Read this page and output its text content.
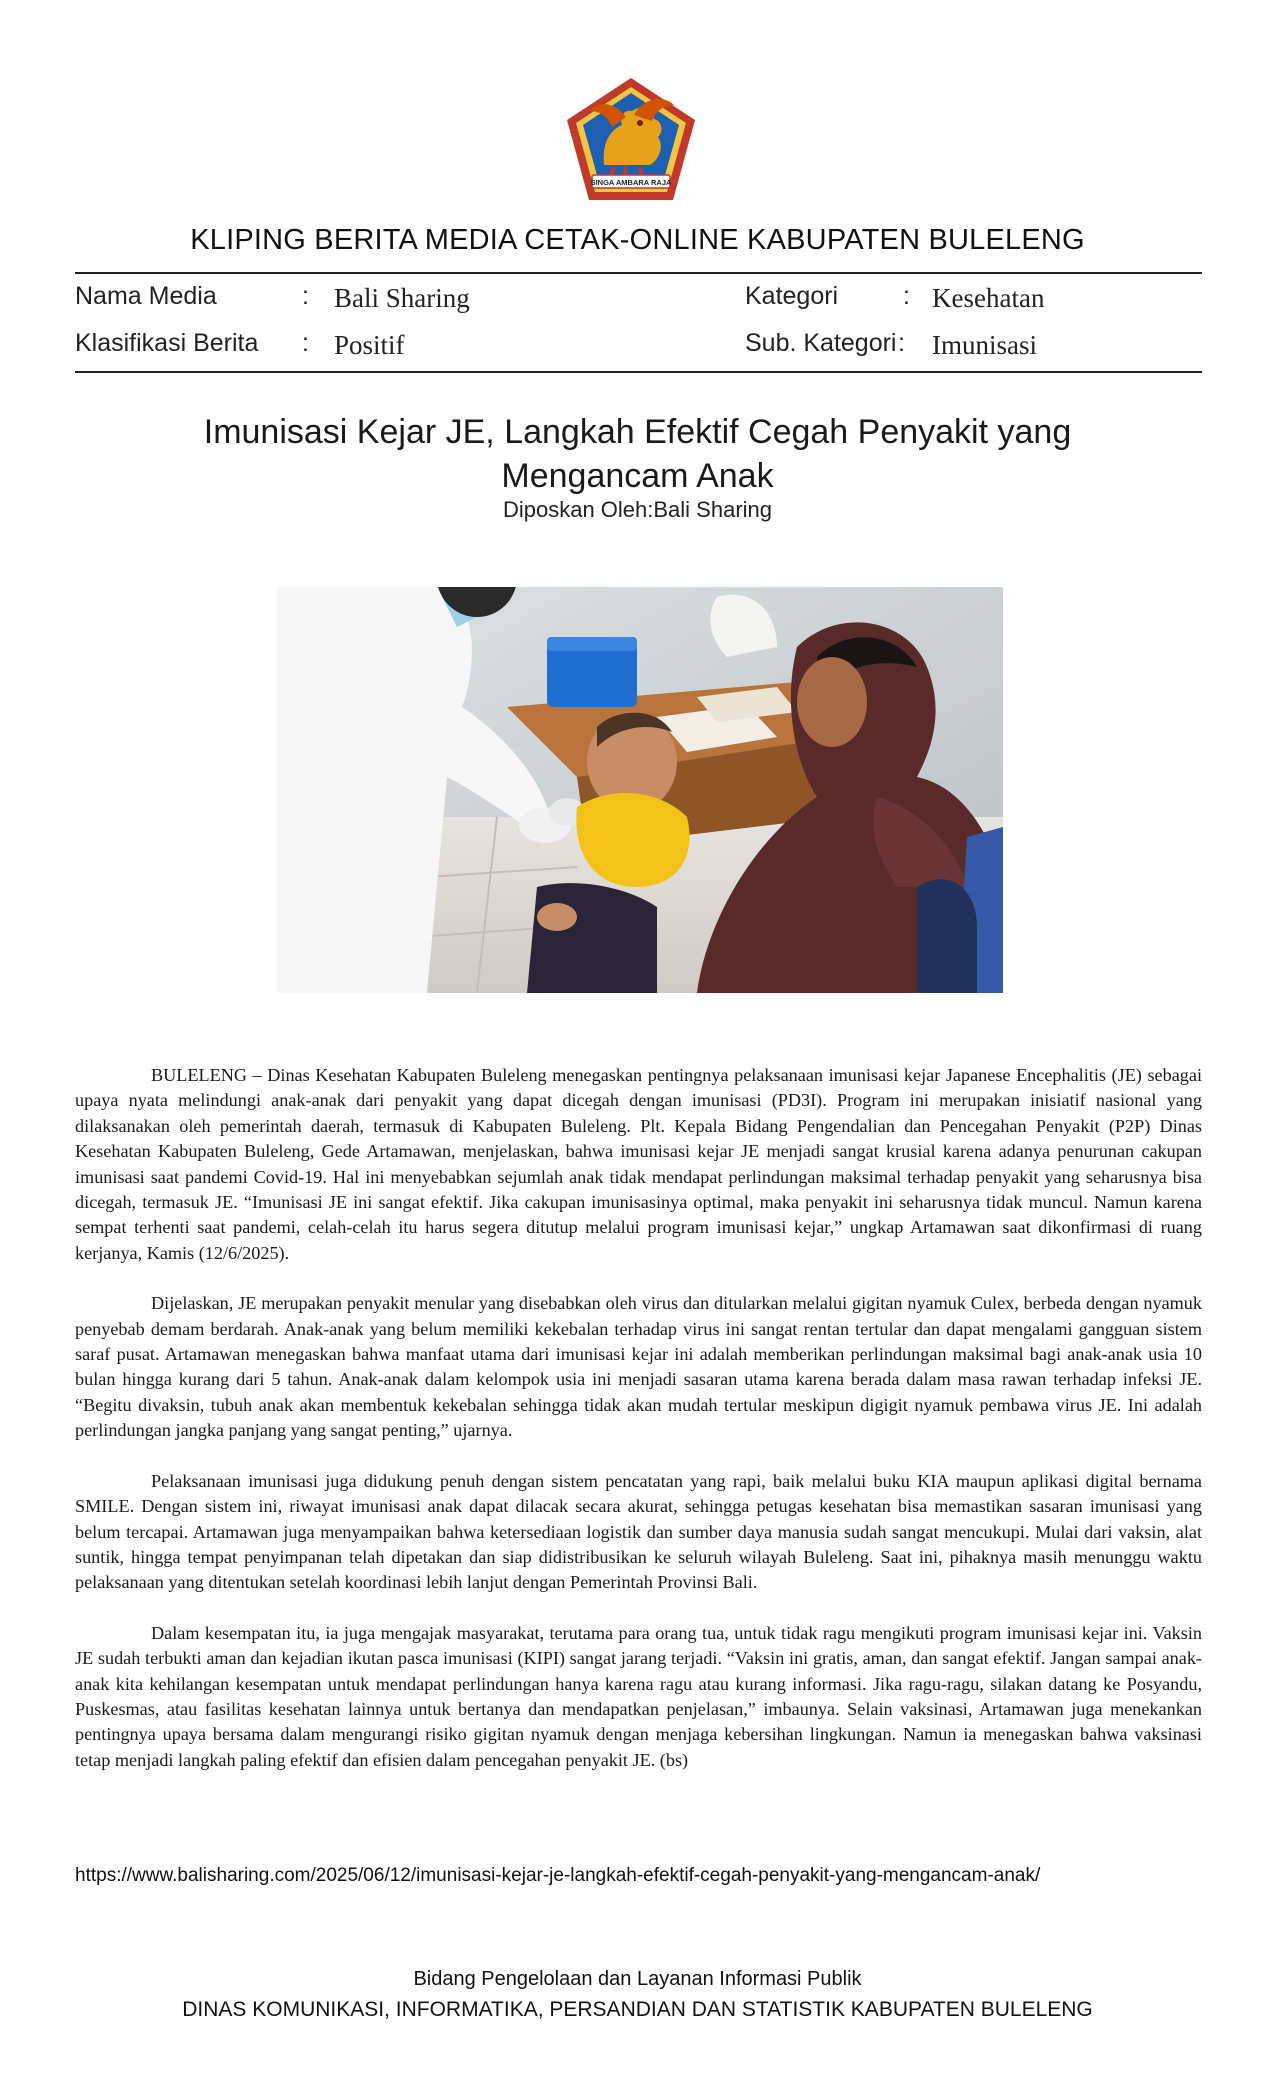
SINGA AMBARA RAJA
KLIPING BERITA MEDIA CETAK-ONLINE KABUPATEN BULELENG
Nama Media	: Bali Sharing
Klasifikasi Berita : Positif
Kategori	: Kesehatan
Sub. Kategori : Imunisasi
Imunisasi Kejar JE, Langkah Efektif Cegah Penyakit yang Mengancam Anak
Diposkan Oleh:Bali Sharing

BULELENG – Dinas Kesehatan Kabupaten Buleleng menegaskan pentingnya pelaksanaan imunisasi kejar Japanese Encephalitis (JE) sebagai upaya nyata melindungi anak-anak dari penyakit yang dapat dicegah dengan imunisasi (PD3I). Program ini merupakan inisiatif nasional yang dilaksanakan oleh pemerintah daerah, termasuk di Kabupaten Buleleng. Plt. Kepala Bidang Pengendalian dan Pencegahan Penyakit (P2P) Dinas Kesehatan Kabupaten Buleleng, Gede Artamawan, menjelaskan, bahwa imunisasi kejar JE menjadi sangat krusial karena adanya penurunan cakupan imunisasi saat pandemi Covid-19. Hal ini menyebabkan sejumlah anak tidak mendapat perlindungan maksimal terhadap penyakit yang seharusnya bisa dicegah, termasuk JE. “Imunisasi JE ini sangat efektif. Jika cakupan imunisasinya optimal, maka penyakit ini seharusnya tidak muncul. Namun karena sempat terhenti saat pandemi, celah-celah itu harus segera ditutup melalui program imunisasi kejar,” ungkap Artamawan saat dikonfirmasi di ruang kerjanya, Kamis (12/6/2025).

Dijelaskan, JE merupakan penyakit menular yang disebabkan oleh virus dan ditularkan melalui gigitan nyamuk Culex, berbeda dengan nyamuk penyebab demam berdarah. Anak-anak yang belum memiliki kekebalan terhadap virus ini sangat rentan tertular dan dapat mengalami gangguan sistem saraf pusat. Artamawan menegaskan bahwa manfaat utama dari imunisasi kejar ini adalah memberikan perlindungan maksimal bagi anak-anak usia 10 bulan hingga kurang dari 5 tahun. Anak-anak dalam kelompok usia ini menjadi sasaran utama karena berada dalam masa rawan terhadap infeksi JE. “Begitu divaksin, tubuh anak akan membentuk kekebalan sehingga tidak akan mudah tertular meskipun digigit nyamuk pembawa virus JE. Ini adalah perlindungan jangka panjang yang sangat penting,” ujarnya.

Pelaksanaan imunisasi juga didukung penuh dengan sistem pencatatan yang rapi, baik melalui buku KIA maupun aplikasi digital bernama SMILE. Dengan sistem ini, riwayat imunisasi anak dapat dilacak secara akurat, sehingga petugas kesehatan bisa memastikan sasaran imunisasi yang belum tercapai. Artamawan juga menyampaikan bahwa ketersediaan logistik dan sumber daya manusia sudah sangat mencukupi. Mulai dari vaksin, alat suntik, hingga tempat penyimpanan telah dipetakan dan siap didistribusikan ke seluruh wilayah Buleleng. Saat ini, pihaknya masih menunggu waktu pelaksanaan yang ditentukan setelah koordinasi lebih lanjut dengan Pemerintah Provinsi Bali.

Dalam kesempatan itu, ia juga mengajak masyarakat, terutama para orang tua, untuk tidak ragu mengikuti program imunisasi kejar ini. Vaksin JE sudah terbukti aman dan kejadian ikutan pasca imunisasi (KIPI) sangat jarang terjadi. “Vaksin ini gratis, aman, dan sangat efektif. Jangan sampai anak-anak kita kehilangan kesempatan untuk mendapat perlindungan hanya karena ragu atau kurang informasi. Jika ragu-ragu, silakan datang ke Posyandu, Puskesmas, atau fasilitas kesehatan lainnya untuk bertanya dan mendapatkan penjelasan,” imbaunya. Selain vaksinasi, Artamawan juga menekankan pentingnya upaya bersama dalam mengurangi risiko gigitan nyamuk dengan menjaga kebersihan lingkungan. Namun ia menegaskan bahwa vaksinasi tetap menjadi langkah paling efektif dan efisien dalam pencegahan penyakit JE. (bs)

https://www.balisharing.com/2025/06/12/imunisasi-kejar-je-langkah-efektif-cegah-penyakit-yang-mengancam-anak/
Bidang Pengelolaan dan Layanan Informasi Publik
DINAS KOMUNIKASI, INFORMATIKA, PERSANDIAN DAN STATISTIK KABUPATEN BULELENG
